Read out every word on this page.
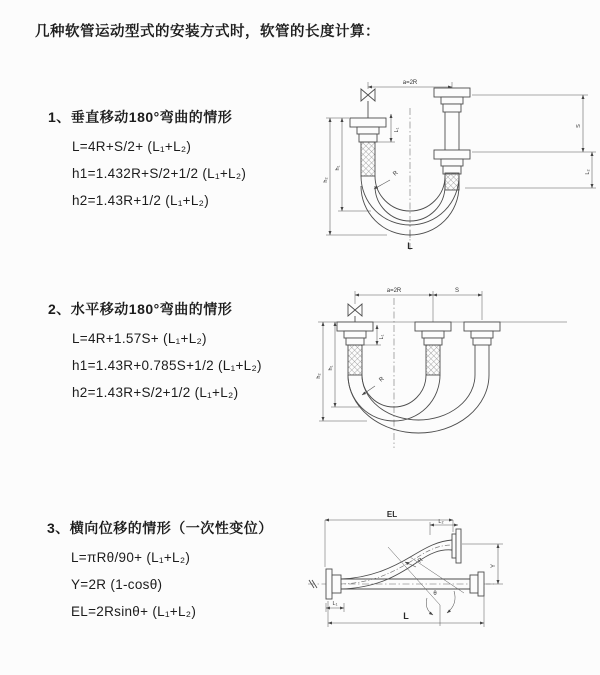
几种软管运动型式的安装方式时，软管的长度计算：
1、垂直移动180°弯曲的情形
L=4R+S/2+ (L₁+L₂)
h1=1.432R+S/2+1/2 (L₁+L₂)
h2=1.43R+1/2 (L₁+L₂)
2、水平移动180°弯曲的情形
L=4R+1.57S+ (L₁+L₂)
h1=1.43R+0.785S+1/2 (L₁+L₂)
h2=1.43R+S/2+1/2 (L₁+L₂)
3、横向位移的情形（一次性变位）
L=πRθ/90+ (L₁+L₂)
Y=2R (1-cosθ)
EL=2Rsinθ+ (L₁+L₂)
a=2R
R
h₂
h₁
L₁
S
L₂
L
a=2R	S
R
h₂
h₁
L₁
EL
L₂
Y
R
θ
L₁
L
